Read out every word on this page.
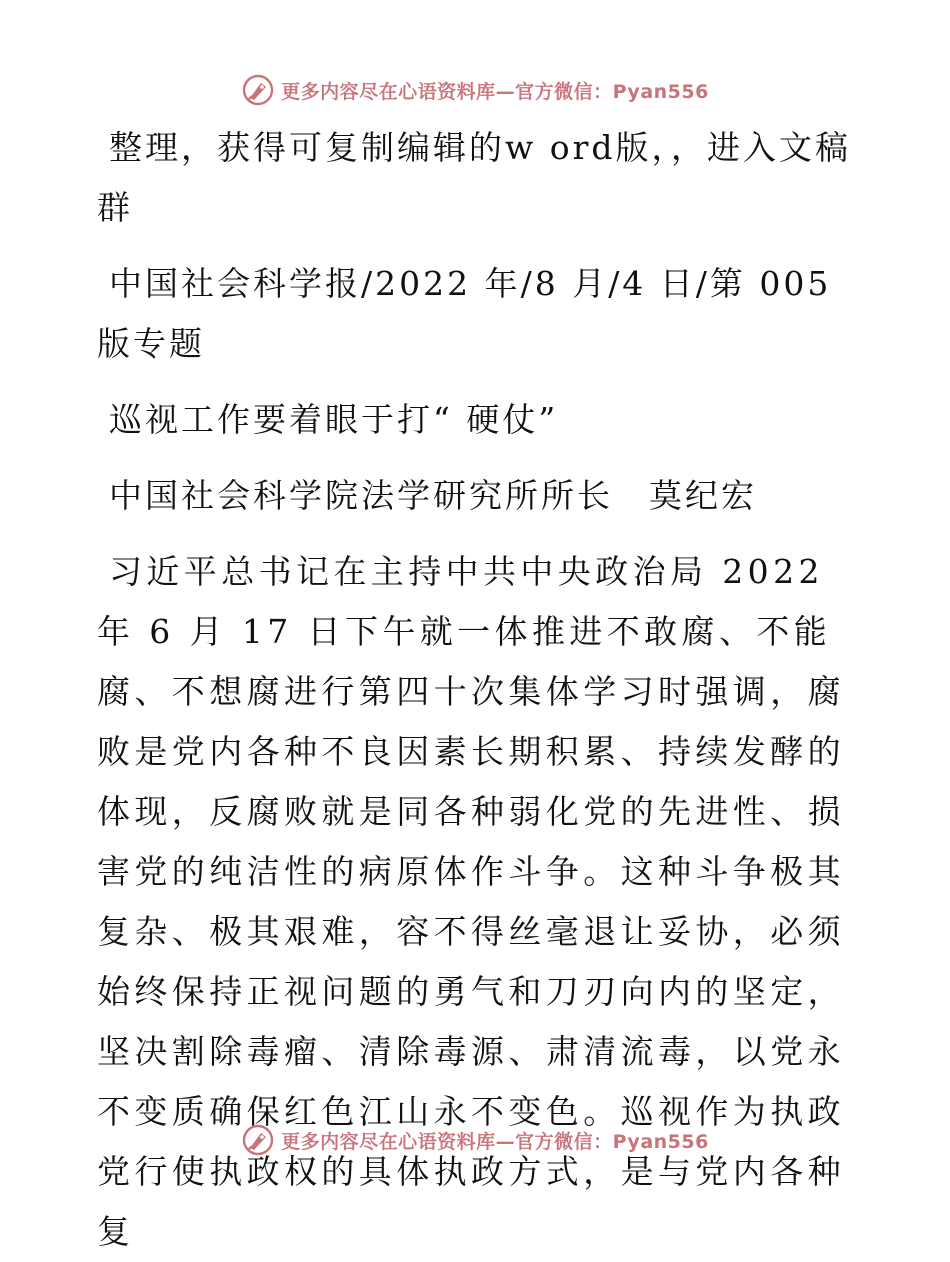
更多内容尽在心语资料库—官方微信：Pyan556

整理，获得可复制编辑的w ord版，，进入文稿群

中国社会科学报/2022 年/8 月/4 日/第 005 版专题

巡视工作要着眼于打“ 硬仗”

中国社会科学院法学研究所所长　莫纪宏

习近平总书记在主持中共中央政治局 2022 年 6 月 17 日下午就一体推进不敢腐、不能腐、不想腐进行第四十次集体学习时强调，腐败是党内各种不良因素长期积累、持续发酵的体现，反腐败就是同各种弱化党的先进性、损害党的纯洁性的病原体作斗争。这种斗争极其复杂、极其艰难，容不得丝毫退让妥协，必须始终保持正视问题的勇气和刀刃向内的坚定，坚决割除毒瘤、清除毒源、肃清流毒，以党永不变质确保红色江山永不变色。巡视作为执政党行使执政权的具体执政方式，是与党内各种复

更多内容尽在心语资料库—官方微信：Pyan556
